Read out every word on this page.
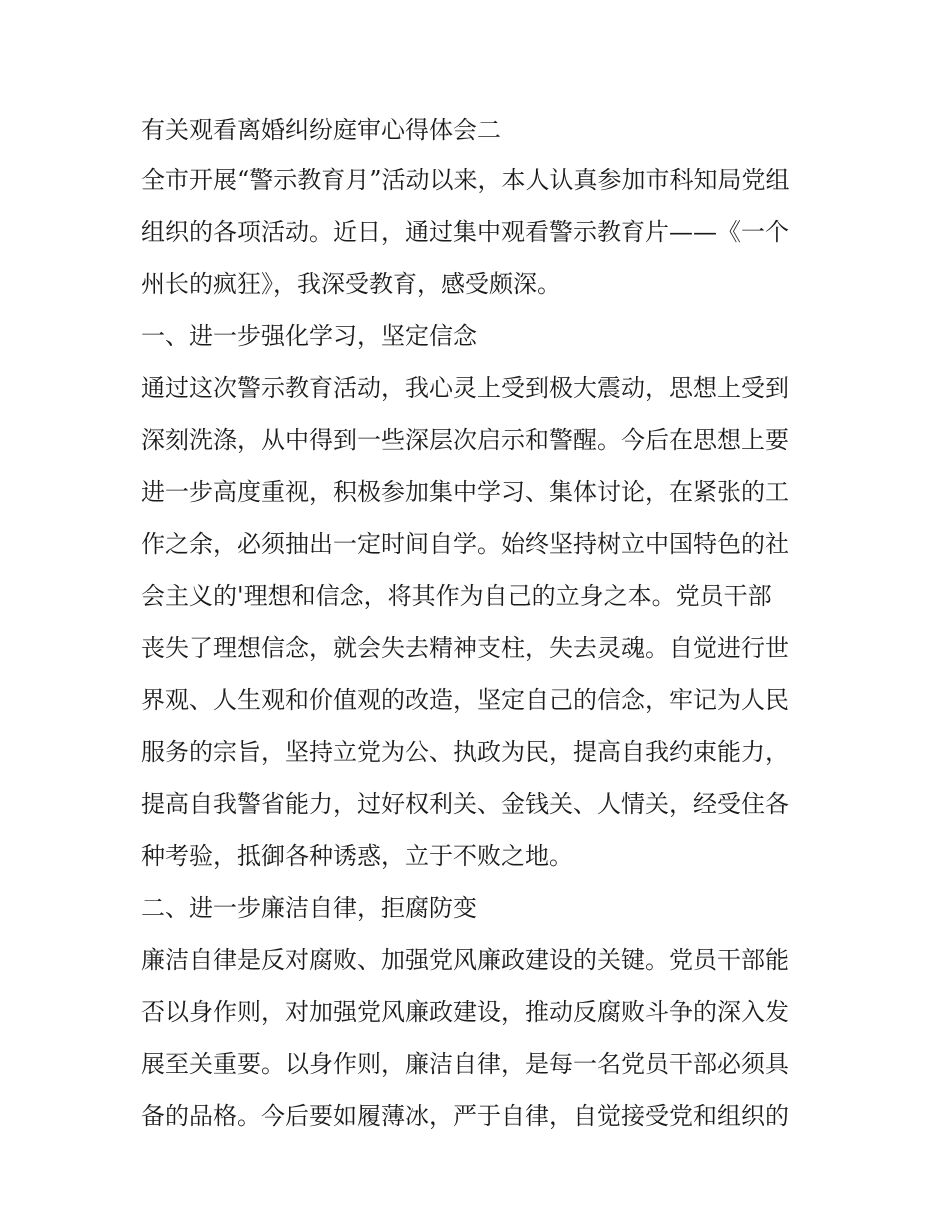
有关观看离婚纠纷庭审心得体会二

全市开展“警示教育月”活动以来，本人认真参加市科知局党组
组织的各项活动。近日，通过集中观看警示教育片——《一个
州长的疯狂》，我深受教育，感受颇深。

一、进一步强化学习，坚定信念

通过这次警示教育活动，我心灵上受到极大震动，思想上受到
深刻洗涤，从中得到一些深层次启示和警醒。今后在思想上要
进一步高度重视，积极参加集中学习、集体讨论，在紧张的工
作之余，必须抽出一定时间自学。始终坚持树立中国特色的社
会主义的'理想和信念，将其作为自己的立身之本。党员干部
丧失了理想信念，就会失去精神支柱，失去灵魂。自觉进行世
界观、人生观和价值观的改造，坚定自己的信念，牢记为人民
服务的宗旨，坚持立党为公、执政为民，提高自我约束能力，
提高自我警省能力，过好权利关、金钱关、人情关，经受住各
种考验，抵御各种诱惑，立于不败之地。

二、进一步廉洁自律，拒腐防变

廉洁自律是反对腐败、加强党风廉政建设的关键。党员干部能
否以身作则，对加强党风廉政建设，推动反腐败斗争的深入发
展至关重要。以身作则，廉洁自律，是每一名党员干部必须具
备的品格。今后要如履薄冰，严于自律，自觉接受党和组织的
